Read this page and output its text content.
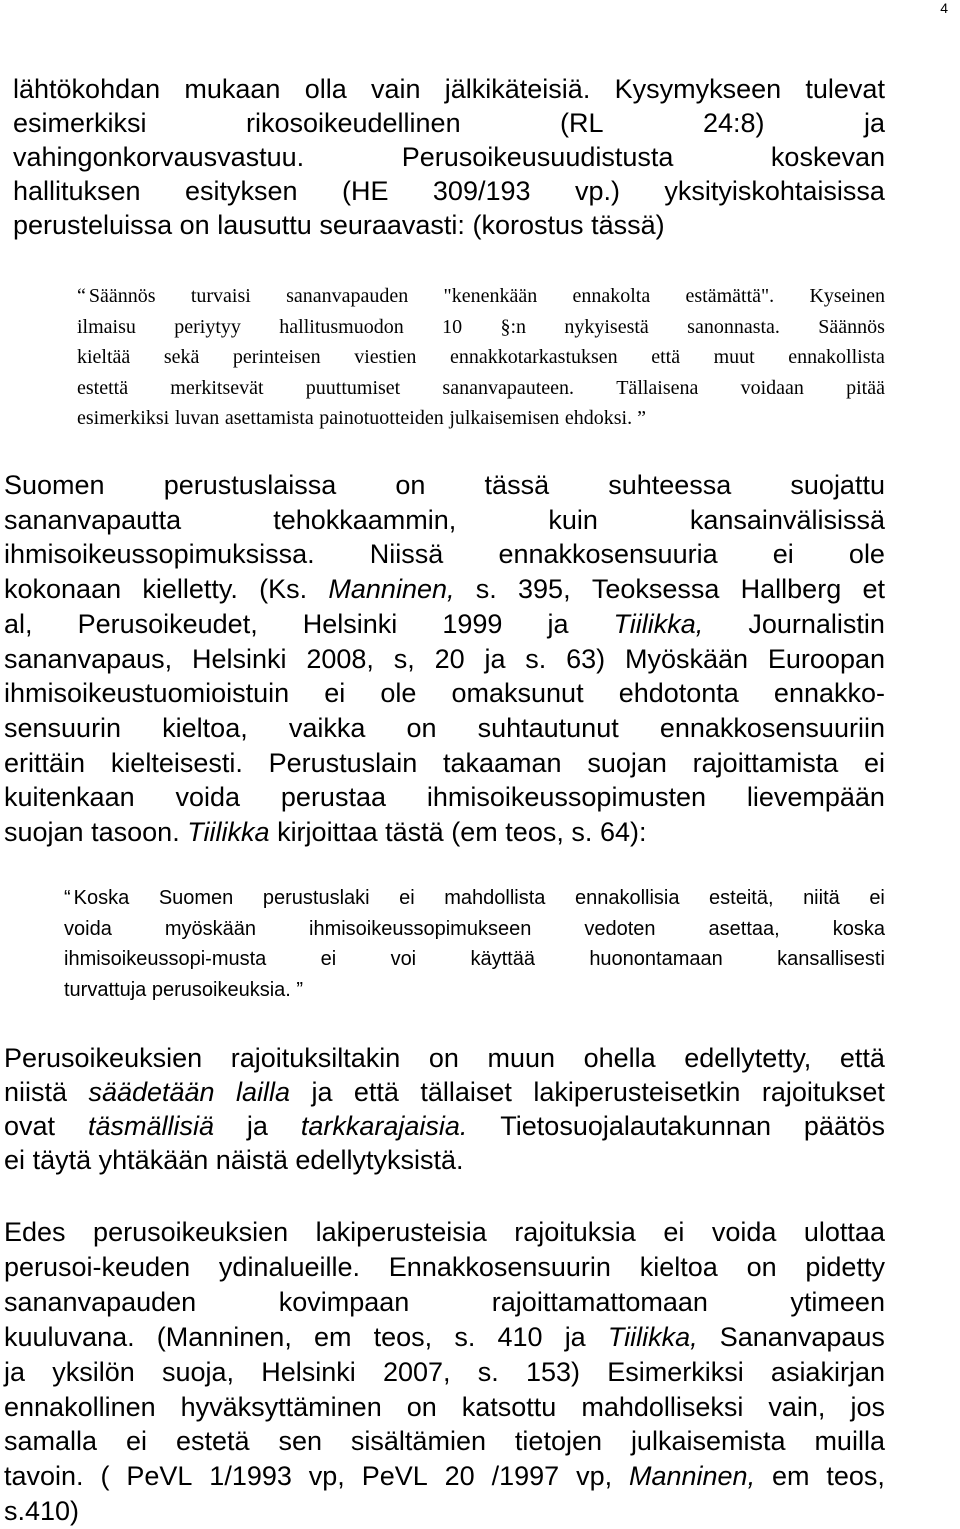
4
lähtökohdan mukaan olla vain jälkikäteisiä. Kysymykseen tulevat
esimerkiksi	rikosoikeudellinen	(RL	24:8)	ja
vahingonkorvausvastuu.	Perusoikeusuudistusta	koskevan
hallituksen esityksen (HE 309/193 vp.) yksityiskohtaisissa
perusteluissa on lausuttu seuraavasti: (korostus tässä)
“ Säännös turvaisi sananvapauden "kenenkään ennakolta estämättä". Kyseinen
ilmaisu periytyy hallitusmuodon 10 §:n nykyisestä sanonnasta. Säännös
kieltää sekä perinteisen viestien ennakkotarkastuksen että muut ennakollista
estettä merkitsevät puuttumiset sananvapauteen. Tällaisena voidaan pitää
esimerkiksi luvan asettamista painotuotteiden julkaisemisen ehdoksi. ”
Suomen perustuslaissa on tässä suhteessa suojattu
sananvapautta	tehokkaammin,	kuin	kansainvälisissä
ihmisoikeussopimuksissa. Niissä ennakkosensuuria ei ole
kokonaan kielletty. (Ks. Manninen, s. 395, Teoksessa Hallberg et
al, Perusoikeudet, Helsinki 1999 ja Tiilikka, Journalistin
sananvapaus, Helsinki 2008, s, 20 ja s. 63) Myöskään Euroopan
ihmisoikeustuomioistuin ei ole omaksunut ehdotonta ennakko-
sensuurin kieltoa, vaikka on suhtautunut ennakkosensuuriin
erittäin kielteisesti. Perustuslain takaaman suojan rajoittamista ei
kuitenkaan voida perustaa ihmisoikeussopimusten lievempään
suojan tasoon. Tiilikka kirjoittaa tästä (em teos, s. 64):
“ Koska Suomen perustuslaki ei mahdollista ennakollisia esteitä, niitä ei
voida	myöskään	ihmisoikeussopimukseen	vedoten	asettaa,	koska
ihmisoikeussopi-musta	ei	voi	käyttää	huonontamaan	kansallisesti
turvattuja perusoikeuksia. ”
Perusoikeuksien rajoituksiltakin on muun ohella edellytetty, että
niistä säädetään lailla ja että tällaiset lakiperusteisetkin rajoitukset
ovat täsmällisiä ja tarkkarajaisia. Tietosuojalautakunnan päätös
ei täytä yhtäkään näistä edellytyksistä.
Edes perusoikeuksien lakiperusteisia rajoituksia ei voida ulottaa
perusoi-keuden ydinalueille. Ennakkosensuurin kieltoa on pidetty
sananvapauden	kovimpaan	rajoittamattomaan	ytimeen
kuuluvana. (Manninen, em teos, s. 410 ja Tiilikka, Sananvapaus
ja yksilön suoja, Helsinki 2007, s. 153) Esimerkiksi asiakirjan
ennakollinen hyväksyttäminen on katsottu mahdolliseksi vain, jos
samalla ei estetä sen sisältämien tietojen julkaisemista muilla
tavoin. ( PeVL 1/1993 vp, PeVL 20 /1997 vp, Manninen, em teos,
s.410)
